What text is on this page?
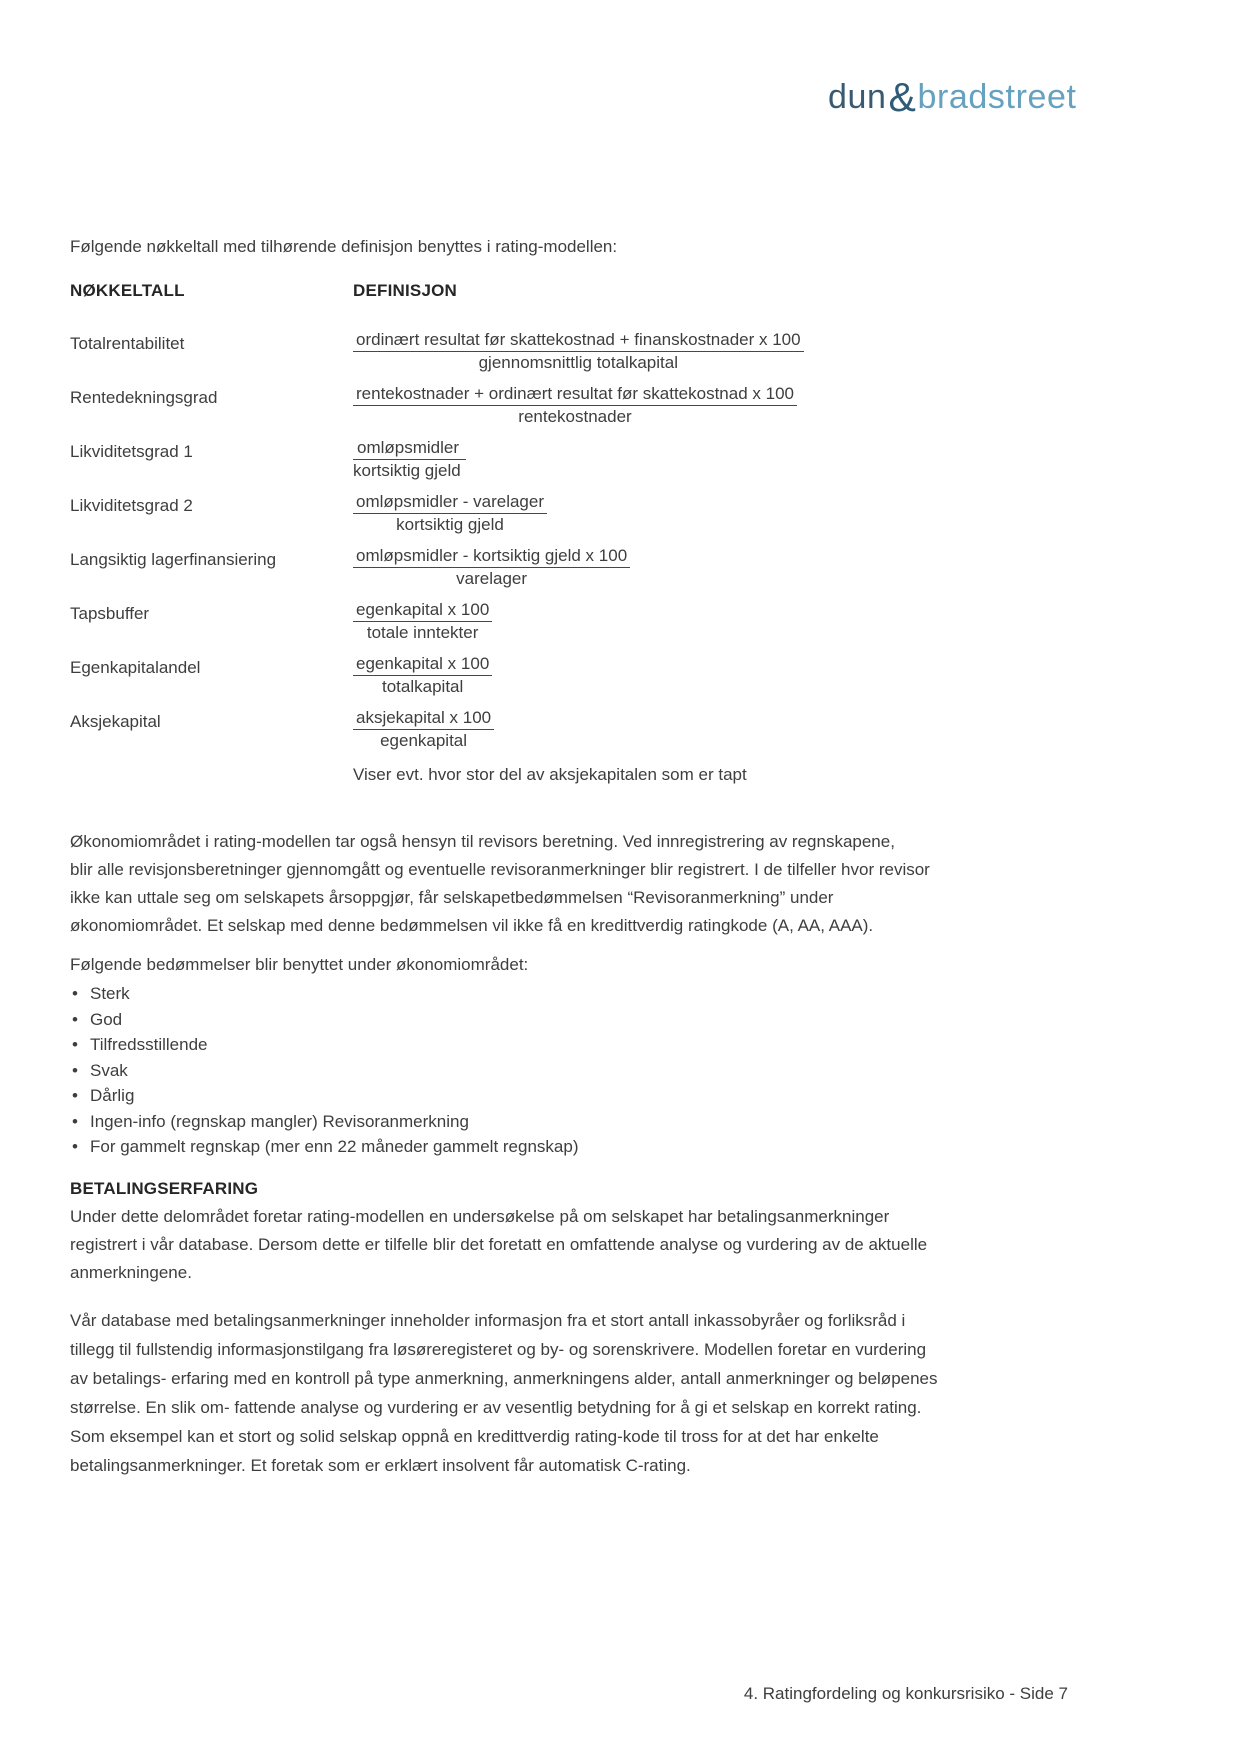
dun&bradstreet
Følgende nøkkeltall med tilhørende definisjon benyttes i rating-modellen:
NØKKELTALL	DEFINISJON
Totalrentabilitet	ordinært resultat før skattekostnad + finanskostnader x 100
gjennomsnittlig totalkapital
Rentedekningsgrad	rentekostnader + ordinært resultat før skattekostnad x 100
rentekostnader
Likviditetsgrad 1	omløpsmidler
kortsiktig gjeld
Likviditetsgrad 2	omløpsmidler - varelager
kortsiktig gjeld
Langsiktig lagerfinansiering	omløpsmidler - kortsiktig gjeld x 100
varelager
Tapsbuffer	egenkapital x 100
totale inntekter
Egenkapitalandel	egenkapital x 100
totalkapital
Aksjekapital	aksjekapital x 100
egenkapital
Viser evt. hvor stor del av aksjekapitalen som er tapt
Økonomiområdet i rating-modellen tar også hensyn til revisors beretning. Ved innregistrering av regnskapene,
blir alle revisjonsberetninger gjennomgått og eventuelle revisoranmerkninger blir registrert. I de tilfeller hvor revisor
ikke kan uttale seg om selskapets årsoppgjør, får selskapetbedømmelsen “Revisoranmerkning” under
økonomiområdet. Et selskap med denne bedømmelsen vil ikke få en kredittverdig ratingkode (A, AA, AAA).
Følgende bedømmelser blir benyttet under økonomiområdet:
• Sterk
• God
• Tilfredsstillende
• Svak
• Dårlig
• Ingen-info (regnskap mangler) Revisoranmerkning
• For gammelt regnskap (mer enn 22 måneder gammelt regnskap)
BETALINGSERFARING
Under dette delområdet foretar rating-modellen en undersøkelse på om selskapet har betalingsanmerkninger
registrert i vår database. Dersom dette er tilfelle blir det foretatt en omfattende analyse og vurdering av de aktuelle
anmerkningene.
Vår database med betalingsanmerkninger inneholder informasjon fra et stort antall inkassobyråer og forliksråd i
tillegg til fullstendig informasjonstilgang fra løsøreregisteret og by- og sorenskrivere. Modellen foretar en vurdering
av betalings- erfaring med en kontroll på type anmerkning, anmerkningens alder, antall anmerkninger og beløpenes
størrelse. En slik om- fattende analyse og vurdering er av vesentlig betydning for å gi et selskap en korrekt rating.
Som eksempel kan et stort og solid selskap oppnå en kredittverdig rating-kode til tross for at det har enkelte
betalingsanmerkninger. Et foretak som er erklært insolvent får automatisk C-rating.
4. Ratingfordeling og konkursrisiko - Side 7
